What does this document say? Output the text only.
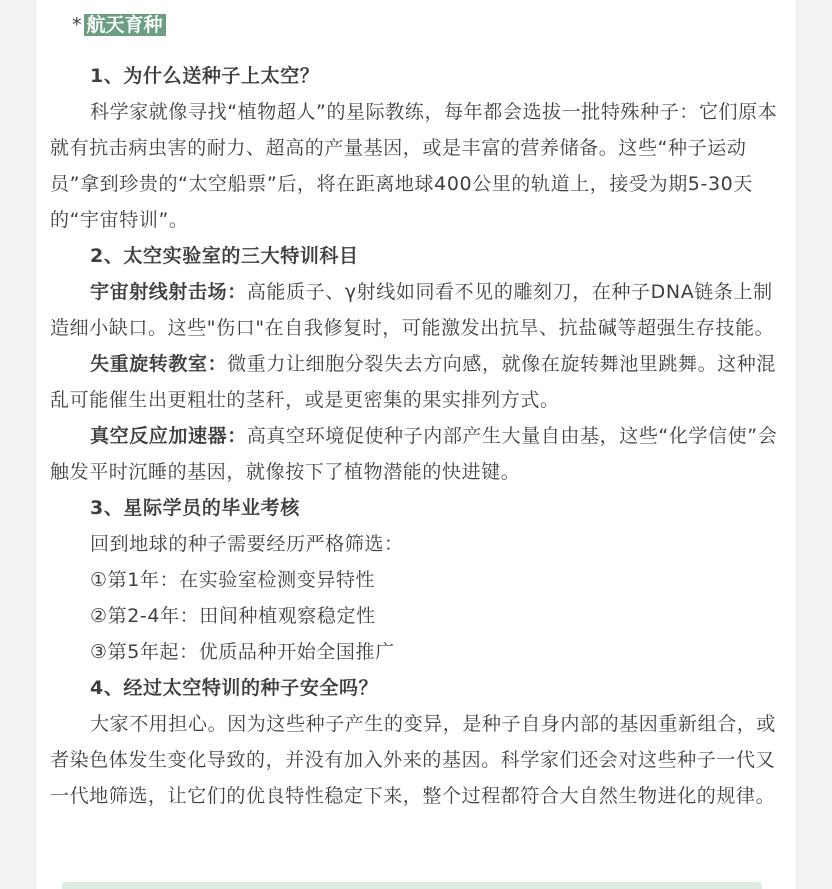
* 航天育种

1、为什么送种子上太空？

科学家就像寻找“植物超人”的星际教练，每年都会选拔一批特殊种子：它们原本就有抗击病虫害的耐力、超高的产量基因，或是丰富的营养储备。这些“种子运动员”拿到珍贵的“太空船票”后，将在距离地球400公里的轨道上，接受为期5-30天的“宇宙特训”。

2、太空实验室的三大特训科目

宇宙射线射击场：高能质子、γ射线如同看不见的雕刻刀，在种子DNA链条上制造细小缺口。这些"伤口"在自我修复时，可能激发出抗旱、抗盐碱等超强生存技能。

失重旋转教室：微重力让细胞分裂失去方向感，就像在旋转舞池里跳舞。这种混乱可能催生出更粗壮的茎秆，或是更密集的果实排列方式。

真空反应加速器：高真空环境促使种子内部产生大量自由基，这些“化学信使”会触发平时沉睡的基因，就像按下了植物潜能的快进键。

3、星际学员的毕业考核

回到地球的种子需要经历严格筛选：

①第1年：在实验室检测变异特性

②第2-4年：田间种植观察稳定性

③第5年起：优质品种开始全国推广

4、经过太空特训的种子安全吗？

大家不用担心。因为这些种子产生的变异，是种子自身内部的基因重新组合，或者染色体发生变化导致的，并没有加入外来的基因。科学家们还会对这些种子一代又一代地筛选，让它们的优良特性稳定下来，整个过程都符合大自然生物进化的规律。
